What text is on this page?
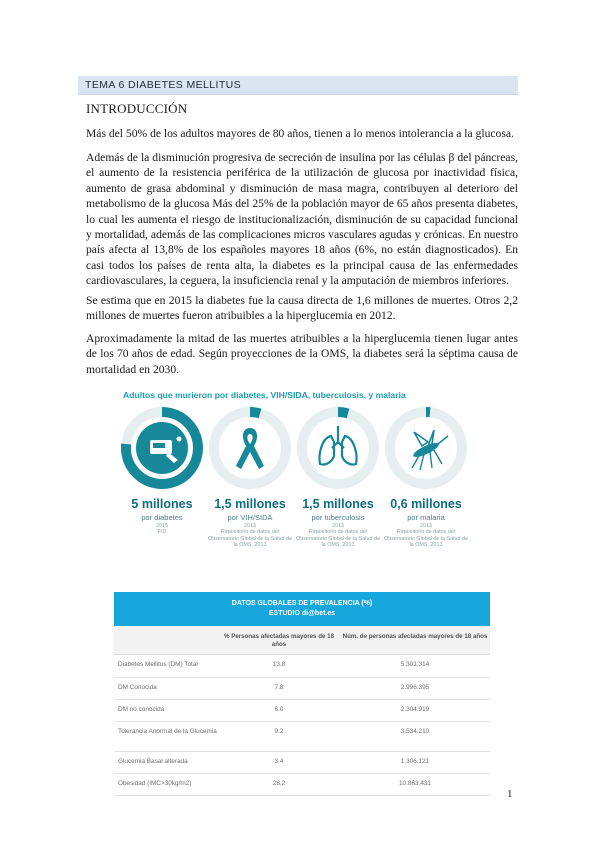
TEMA 6 DIABETES MELLITUS
INTRODUCCIÓN

Más del 50% de los adultos mayores de 80 años, tienen a lo menos intolerancia a la glucosa.

Además de la disminución progresiva de secreción de insulina por las células β del páncreas, el aumento de la resistencia periférica de la utilización de glucosa por inactividad física, aumento de grasa abdominal y disminución de masa magra, contribuyen al deterioro del metabolismo de la glucosa Más del 25% de la población mayor de 65 años presenta diabetes, lo cual les aumenta el riesgo de institucionalización, disminución de su capacidad funcional y mortalidad, además de las complicaciones micros vasculares agudas y crónicas. En nuestro país afecta al 13,8% de los españoles mayores 18 años (6%, no están diagnosticados). En casi todos los países de renta alta, la diabetes es la principal causa de las enfermedades cardiovasculares, la ceguera, la insuficiencia renal y la amputación de miembros inferiores.

Se estima que en 2015 la diabetes fue la causa directa de 1,6 millones de muertes. Otros 2,2 millones de muertes fueron atribuibles a la hiperglucemia en 2012.

Aproximadamente la mitad de las muertes atribuibles a la hiperglucemia tienen lugar antes de los 70 años de edad. Según proyecciones de la OMS, la diabetes será la séptima causa de mortalidad en 2030.

Adultos que murieron por diabetes, VIH/SIDA, tuberculosis, y malaria
5 millones
por diabetes
2015
FID
1,5 millones
por VIH/SIDA
2013
Repositorio de datos del
Observatorio Global de la Salud de la OMS, 2013
1,5 millones
por tuberculosis
2013
Repositorio de datos del
Observatorio Global de la Salud de la OMS, 2013
0,6 millones
por malaria
2013
Repositorio de datos del
Observatorio Global de la Salud de la OMS, 2013
DATOS GLOBALES DE PREVALENCIA (%)
ESTUDIO di@bet.es
% Personas afectadas mayores de 18 años
Núm. de personas afectadas mayores de 18 años
Diabetes Mellitus (DM) Total	13.8	5.301.314
DM Conocida	7.8	2.996.395
DM no conocida	6.0	2.304.919
Tolerancia Anormal de la Glucemia	9.2	3.534.210
Glucemia Basal alterada	3.4	1.306.121
Obesidad (IMC>30kg/m2)	28.2	10.863.431
1
